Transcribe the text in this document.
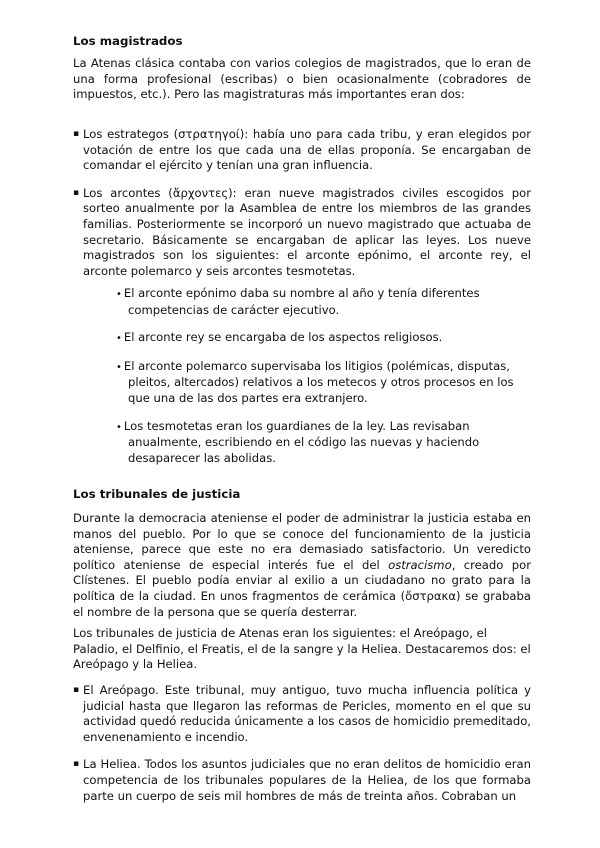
Los magistrados
La Atenas clásica contaba con varios colegios de magistrados, que lo eran de una forma profesional (escribas) o bien ocasionalmente (cobradores de impuestos, etc.). Pero las magistraturas más importantes eran dos:
▪ Los estrategos (στρατηγοί): había uno para cada tribu, y eran elegidos por votación de entre los que cada una de ellas proponía. Se encargaban de comandar el ejército y tenían una gran influencia.
▪ Los arcontes (ἄρχοντες): eran nueve magistrados civiles escogidos por sorteo anualmente por la Asamblea de entre los miembros de las grandes familias. Posteriormente se incorporó un nuevo magistrado que actuaba de secretario. Básicamente se encargaban de aplicar las leyes. Los nueve magistrados son los siguientes: el arconte epónimo, el arconte rey, el arconte polemarco y seis arcontes tesmotetas.
• El arconte epónimo daba su nombre al año y tenía diferentes competencias de carácter ejecutivo.
• El arconte rey se encargaba de los aspectos religiosos.
• El arconte polemarco supervisaba los litigios (polémicas, disputas, pleitos, altercados) relativos a los metecos y otros procesos en los que una de las dos partes era extranjero.
• Los tesmotetas eran los guardianes de la ley. Las revisaban anualmente, escribiendo en el código las nuevas y haciendo desaparecer las abolidas.
Los tribunales de justicia
Durante la democracia ateniense el poder de administrar la justicia estaba en manos del pueblo. Por lo que se conoce del funcionamiento de la justicia ateniense, parece que este no era demasiado satisfactorio. Un veredicto político ateniense de especial interés fue el del ostracismo, creado por Clístenes. El pueblo podía enviar al exilio a un ciudadano no grato para la política de la ciudad. En unos fragmentos de cerámica (ὄστρακα) se grababa el nombre de la persona que se quería desterrar.
Los tribunales de justicia de Atenas eran los siguientes: el Areópago, el Paladio, el Delfinio, el Freatis, el de la sangre y la Heliea. Destacaremos dos: el Areópago y la Heliea.
▪ El Areópago. Este tribunal, muy antiguo, tuvo mucha influencia política y judicial hasta que llegaron las reformas de Pericles, momento en el que su actividad quedó reducida únicamente a los casos de homicidio premeditado, envenenamiento e incendio.
▪ La Heliea. Todos los asuntos judiciales que no eran delitos de homicidio eran competencia de los tribunales populares de la Heliea, de los que formaba parte un cuerpo de seis mil hombres de más de treinta años. Cobraban un
